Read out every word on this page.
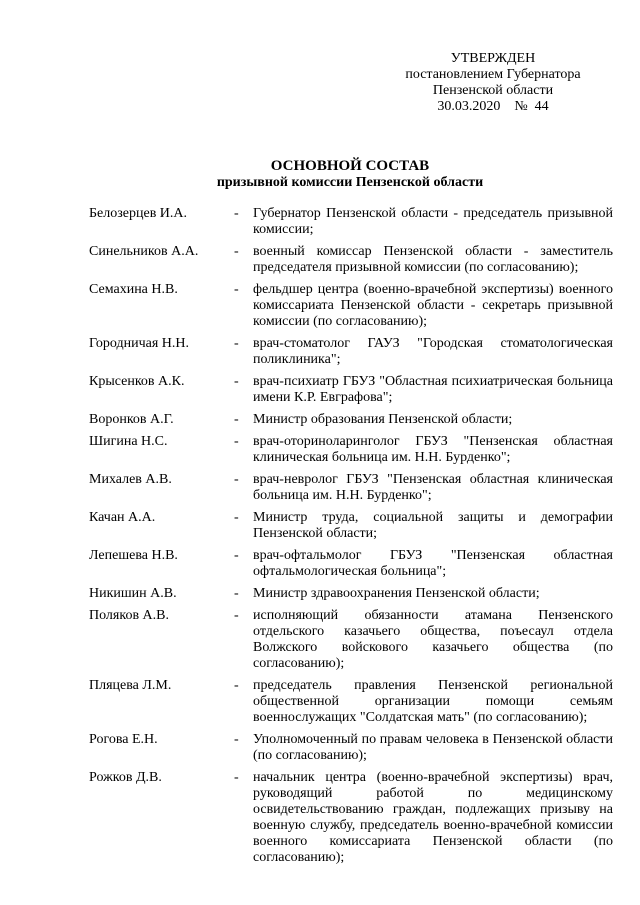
УТВЕРЖДЕН
постановлением Губернатора
Пензенской области
30.03.2020    №  44
ОСНОВНОЙ СОСТАВ
призывной комиссии Пензенской области
Белозерцев И.А.	-	Губернатор Пензенской области - председатель призывной комиссии;
Синельников А.А.	-	военный комиссар Пензенской области - заместитель председателя призывной комиссии (по согласованию);
Семахина Н.В.	-	фельдшер центра (военно-врачебной экспертизы) военного комиссариата Пензенской области - секретарь призывной комиссии (по согласованию);
Городничая Н.Н.	-	врач-стоматолог ГАУЗ "Городская стоматологическая поликлиника";
Крысенков А.К.	-	врач-психиатр ГБУЗ "Областная психиатрическая больница имени К.Р. Евграфова";
Воронков А.Г.	-	Министр образования Пензенской области;
Шигина Н.С.	-	врач-оториноларинголог ГБУЗ "Пензенская областная клиническая больница им. Н.Н. Бурденко";
Михалев А.В.	-	врач-невролог ГБУЗ "Пензенская областная клиническая больница им. Н.Н. Бурденко";
Качан А.А.	-	Министр труда, социальной защиты и демографии Пензенской области;
Лепешева Н.В.	-	врач-офтальмолог ГБУЗ "Пензенская областная офтальмологическая больница";
Никишин А.В.	-	Министр здравоохранения Пензенской области;
Поляков А.В.	-	исполняющий обязанности атамана Пензенского отдельского казачьего общества, поъесаул отдела Волжского войскового казачьего общества (по согласованию);
Пляцева Л.М.	-	председатель правления Пензенской региональной общественной организации помощи семьям военнослужащих "Солдатская мать" (по согласованию);
Рогова Е.Н.	-	Уполномоченный по правам человека в Пензенской области (по согласованию);
Рожков Д.В.	-	начальник центра (военно-врачебной экспертизы) врач, руководящий работой по медицинскому освидетельствованию граждан, подлежащих призыву на военную службу, председатель военно-врачебной комиссии военного комиссариата Пензенской области (по согласованию);
